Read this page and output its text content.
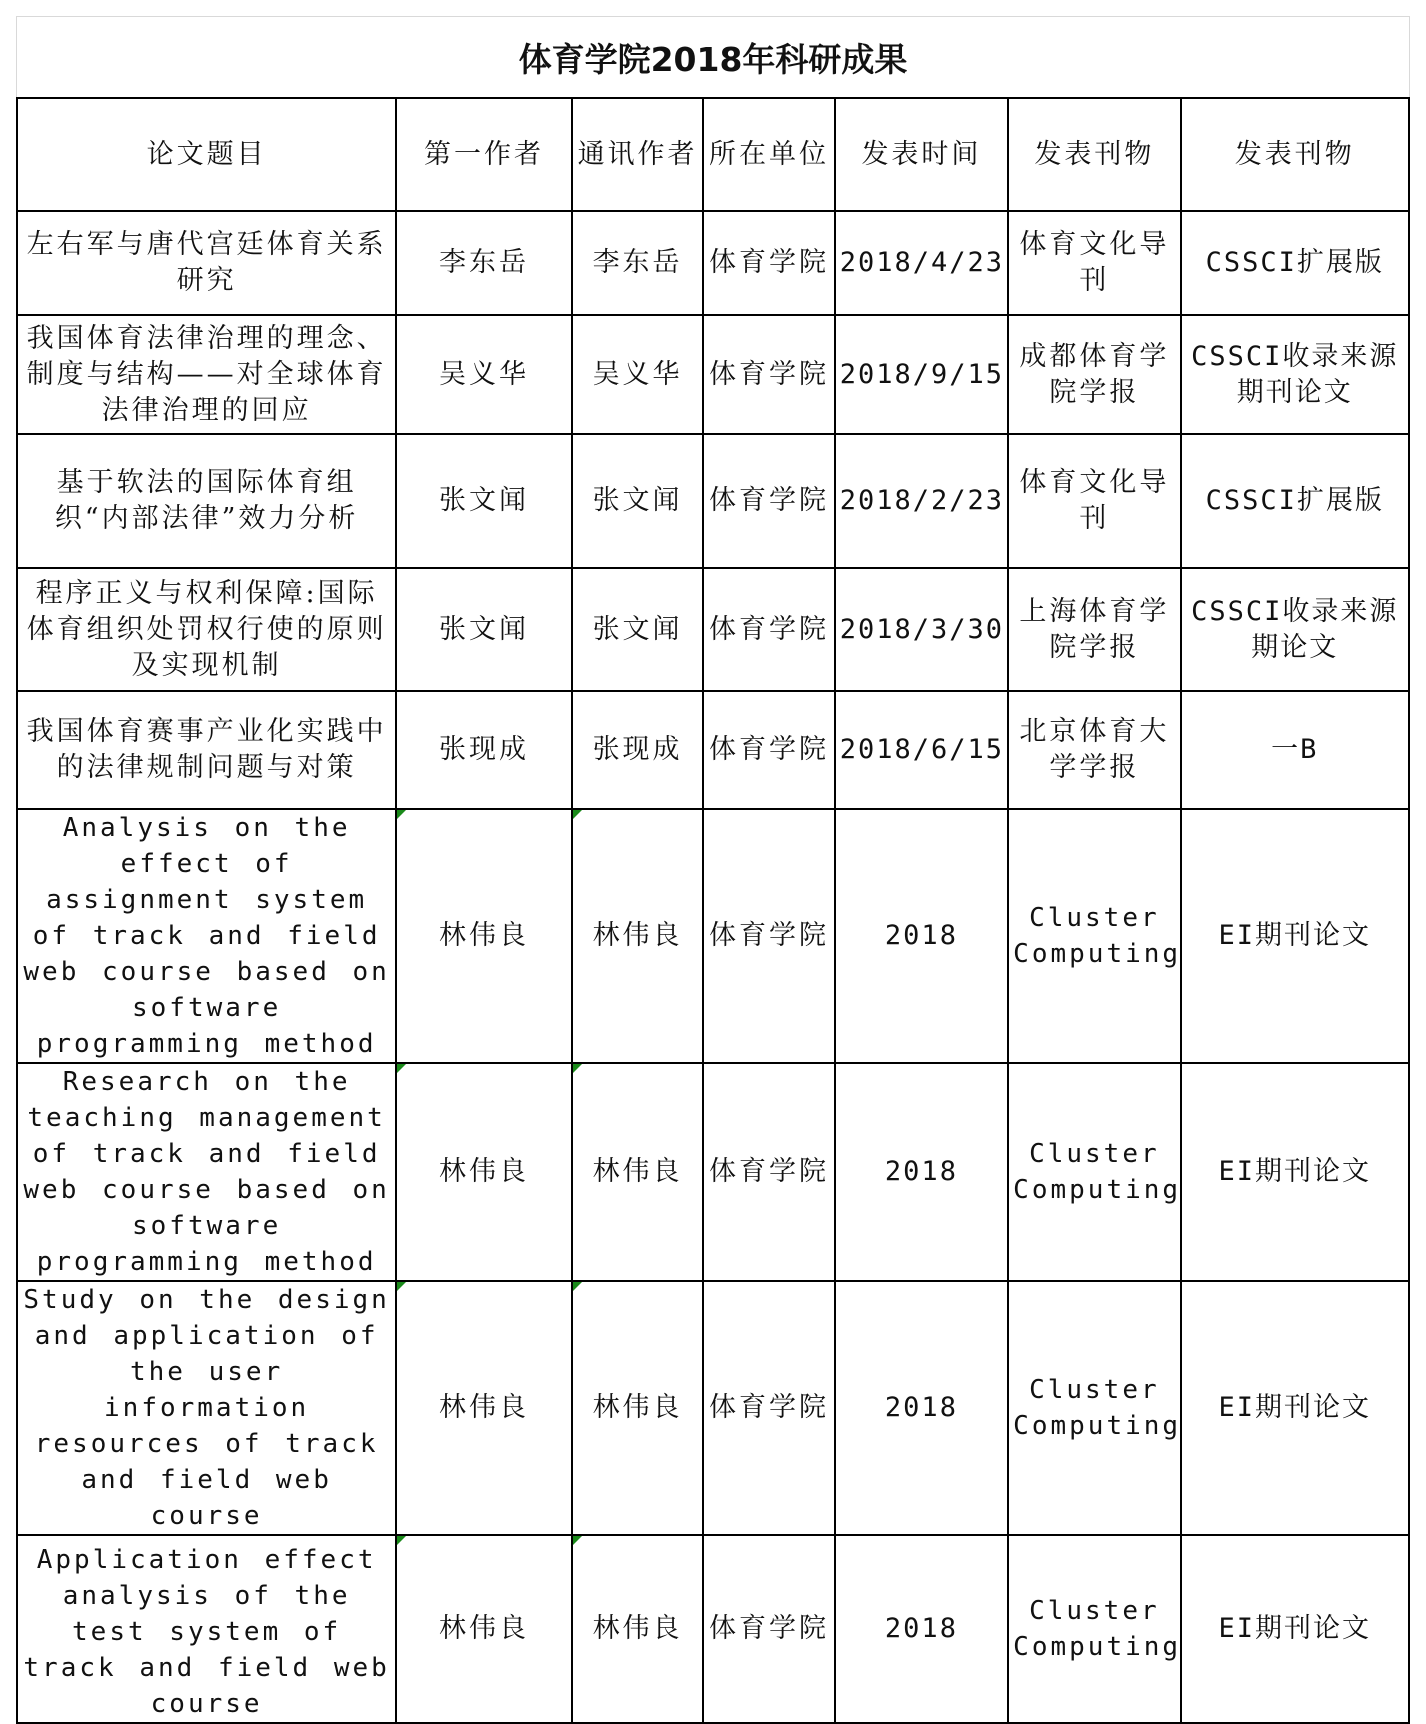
体育学院2018年科研成果
论文题目	第一作者	通讯作者	所在单位	发表时间	发表刊物	发表刊物
左右军与唐代宫廷体育关系研究	李东岳	李东岳	体育学院	2018/4/23	体育文化导刊	CSSCI扩展版
我国体育法律治理的理念、制度与结构——对全球体育法律治理的回应	吴义华	吴义华	体育学院	2018/9/15	成都体育学院学报	CSSCI收录来源期刊论文
基于软法的国际体育组织“内部法律”效力分析	张文闻	张文闻	体育学院	2018/2/23	体育文化导刊	CSSCI扩展版
程序正义与权利保障:国际体育组织处罚权行使的原则及实现机制	张文闻	张文闻	体育学院	2018/3/30	上海体育学院学报	CSSCI收录来源期论文
我国体育赛事产业化实践中的法律规制问题与对策	张现成	张现成	体育学院	2018/6/15	北京体育大学学报	一B
Analysis on the effect of assignment system of track and field web course based on software programming method	林伟良	林伟良	体育学院	2018	Cluster Computing	EI期刊论文
Research on the teaching management of track and field web course based on software programming method	林伟良	林伟良	体育学院	2018	Cluster Computing	EI期刊论文
Study on the design and application of the user information resources of track and field web course	林伟良	林伟良	体育学院	2018	Cluster Computing	EI期刊论文
Application effect analysis of the test system of track and field web course	林伟良	林伟良	体育学院	2018	Cluster Computing	EI期刊论文
